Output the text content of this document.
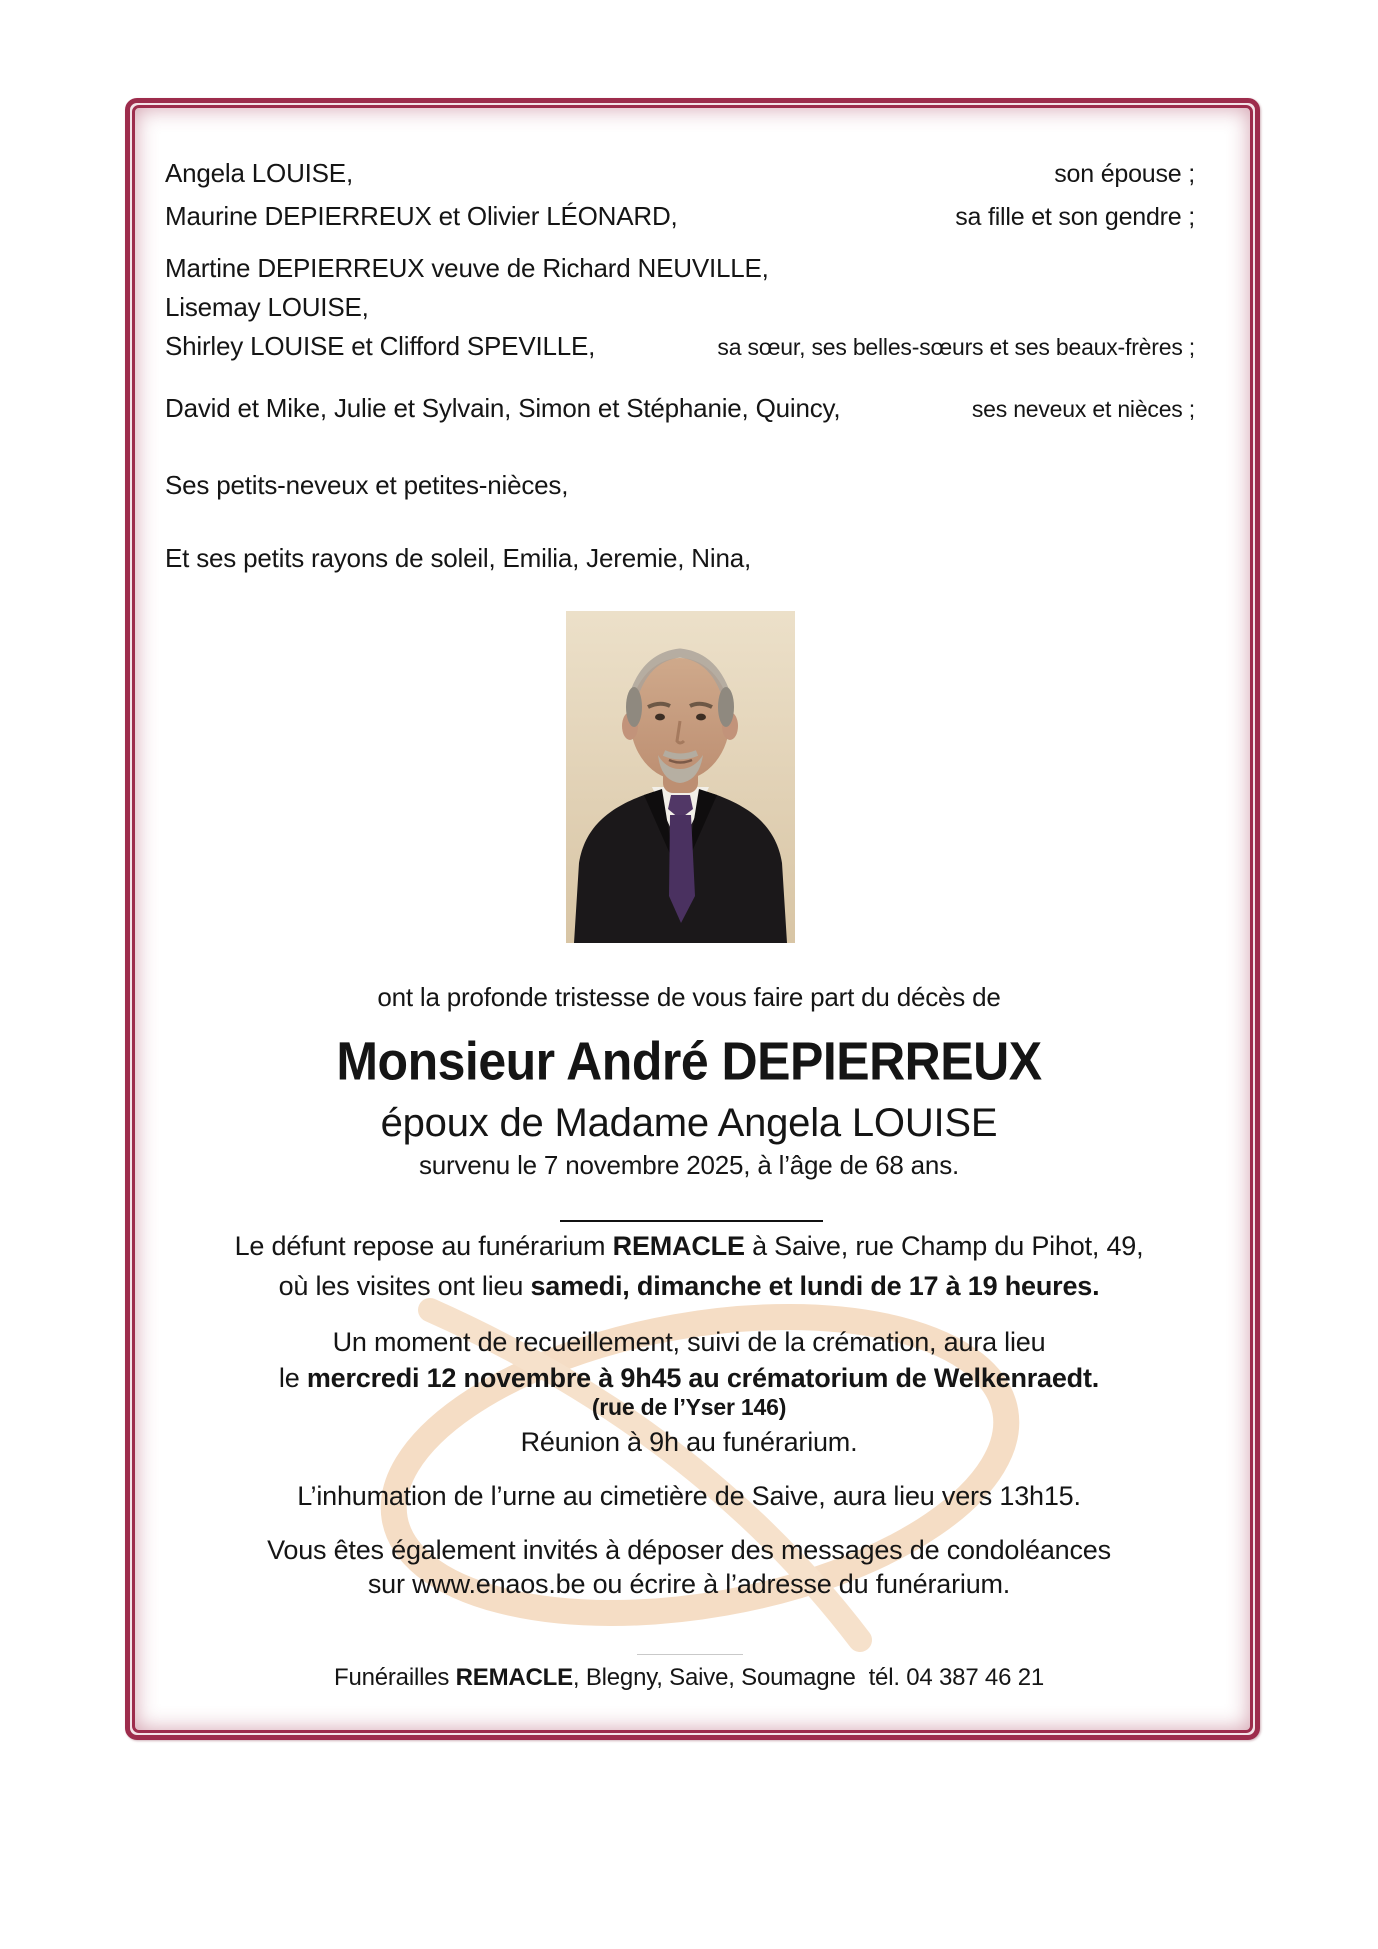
Angela LOUISE,	son épouse ;
Maurine DEPIERREUX et Olivier LÉONARD,	sa fille et son gendre ;
Martine DEPIERREUX veuve de Richard NEUVILLE,
Lisemay LOUISE,
Shirley LOUISE et Clifford SPEVILLE,	sa sœur, ses belles-sœurs et ses beaux-frères ;
David et Mike, Julie et Sylvain, Simon et Stéphanie, Quincy,	ses neveux et nièces ;
Ses petits-neveux et petites-nièces,
Et ses petits rayons de soleil, Emilia, Jeremie, Nina,
ont la profonde tristesse de vous faire part du décès de
Monsieur André DEPIERREUX
époux de Madame Angela LOUISE
survenu le 7 novembre 2025, à l’âge de 68 ans.
Le défunt repose au funérarium REMACLE à Saive, rue Champ du Pihot, 49,
où les visites ont lieu samedi, dimanche et lundi de 17 à 19 heures.
Un moment de recueillement, suivi de la crémation, aura lieu
le mercredi 12 novembre à 9h45 au crématorium de Welkenraedt.
(rue de l’Yser 146)
Réunion à 9h au funérarium.
L’inhumation de l’urne au cimetière de Saive, aura lieu vers 13h15.
Vous êtes également invités à déposer des messages de condoléances
sur www.enaos.be ou écrire à l’adresse du funérarium.
Funérailles REMACLE, Blegny, Saive, Soumagne  tél. 04 387 46 21
